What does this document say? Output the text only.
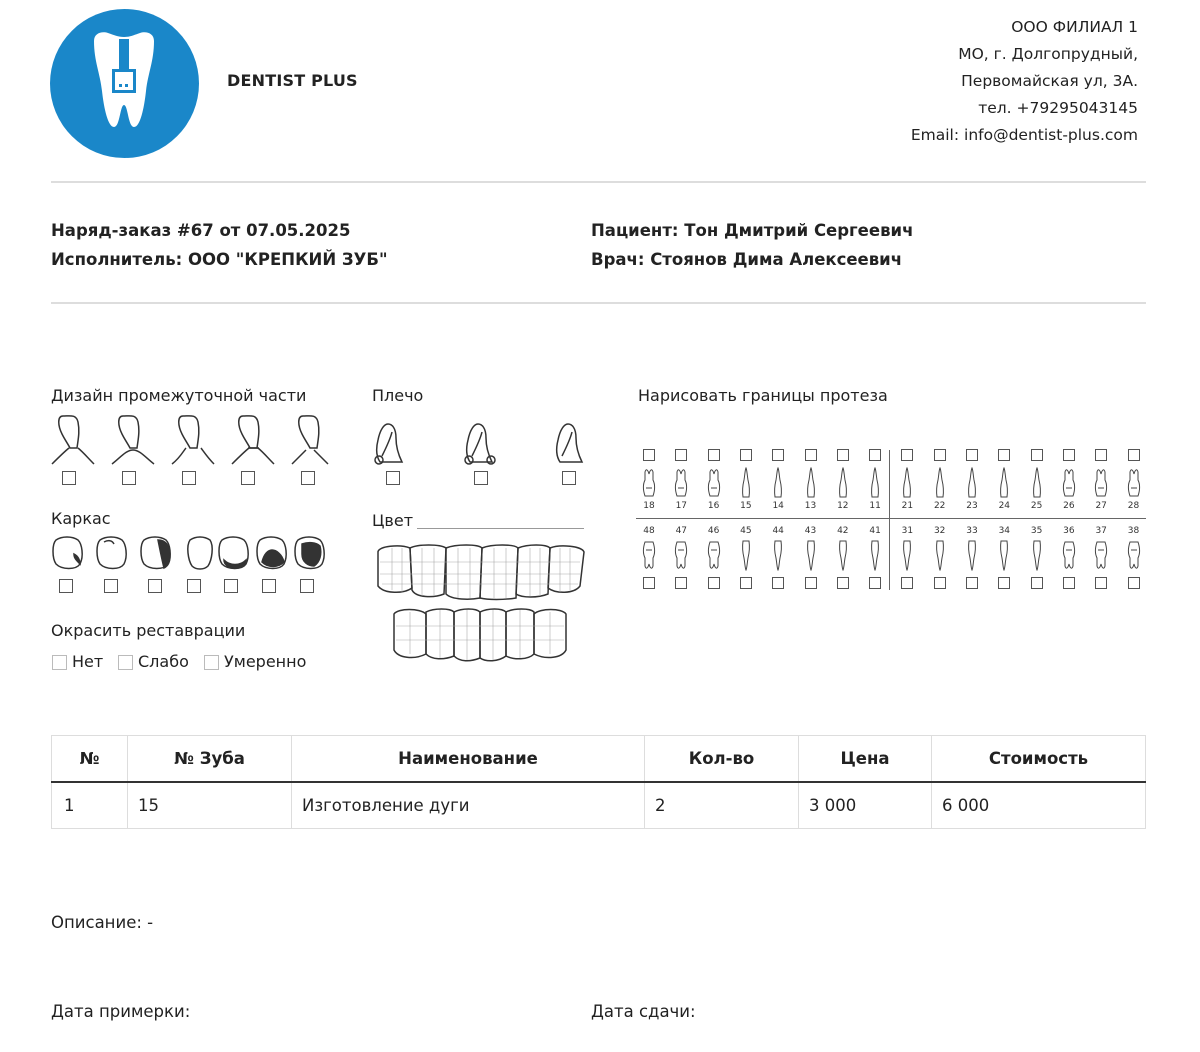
DENTIST PLUS
ООО ФИЛИАЛ 1
МО, г. Долгопрудный,
Первомайская ул, 3А.
тел. +79295043145
Email: info@dentist-plus.com
Наряд-заказ #67 от 07.05.2025
Исполнитель: ООО "КРЕПКИЙ ЗУБ"
Пациент: Тон Дмитрий Сергеевич
Врач: Стоянов Дима Алексеевич
Дизайн промежуточной части	Плечо
Каркас	Цвет
Окрасить реставрации
Нет Слабо Умеренно
Нарисовать границы протеза
18	17	16	15	14	13	12	11	21	22	23	24	25	26	27	28
48	47	46	45	44	43	42	41	31	32	33	34	35	36	37	38
№	№ Зуба	Наименование	Кол-во	Цена	Стоимость
1	15	Изготовление дуги	2	3 000	6 000
Описание: -
Дата примерки:	Дата сдачи:
